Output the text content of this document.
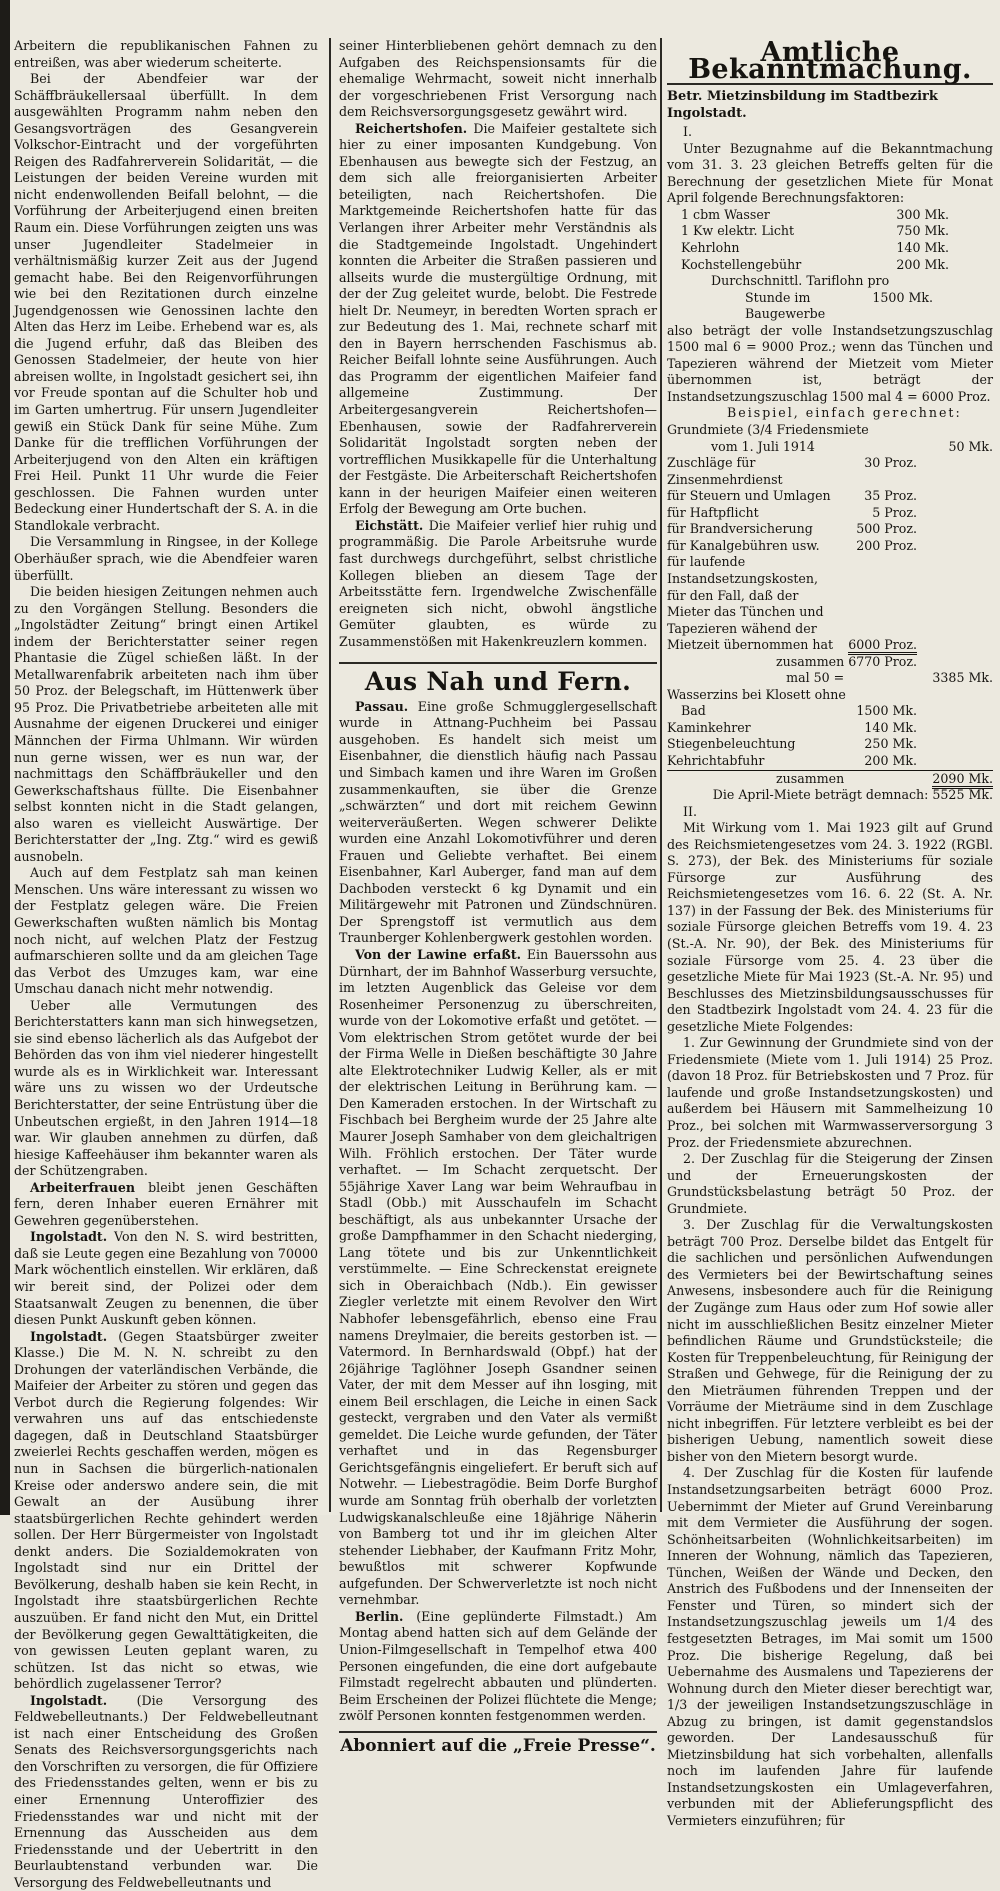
Arbeitern die republikanischen Fahnen zu entreißen, was aber wiederum scheiterte.

Bei der Abendfeier war der Schäffbräukellersaal überfüllt. In dem ausgewählten Programm nahm neben den Gesangsvorträgen des Gesangverein Volkschor-Eintracht und der vorgeführten Reigen des Radfahrerverein Solidarität, — die Leistungen der beiden Vereine wurden mit nicht endenwollenden Beifall belohnt, — die Vorführung der Arbeiterjugend einen breiten Raum ein. Diese Vorführungen zeigten uns was unser Jugendleiter Stadelmeier in verhältnismäßig kurzer Zeit aus der Jugend gemacht habe. Bei den Reigenvorführungen wie bei den Rezitationen durch einzelne Jugendgenossen wie Genossinen lachte den Alten das Herz im Leibe. Erhebend war es, als die Jugend erfuhr, daß das Bleiben des Genossen Stadelmeier, der heute von hier abreisen wollte, in Ingolstadt gesichert sei, ihn vor Freude spontan auf die Schulter hob und im Garten umhertrug. Für unsern Jugendleiter gewiß ein Stück Dank für seine Mühe. Zum Danke für die trefflichen Vorführungen der Arbeiterjugend von den Alten ein kräftigen Frei Heil. Punkt 11 Uhr wurde die Feier geschlossen. Die Fahnen wurden unter Bedeckung einer Hundertschaft der S. A. in die Standlokale verbracht.

Die Versammlung in Ringsee, in der Kollege Oberhäußer sprach, wie die Abendfeier waren überfüllt.

Die beiden hiesigen Zeitungen nehmen auch zu den Vorgängen Stellung. Besonders die „Ingolstädter Zeitung“ bringt einen Artikel indem der Berichterstatter seiner regen Phantasie die Zügel schießen läßt. In der Metallwarenfabrik arbeiteten nach ihm über 50 Proz. der Belegschaft, im Hüttenwerk über 95 Proz. Die Privatbetriebe arbeiteten alle mit Ausnahme der eigenen Druckerei und einiger Männchen der Firma Uhlmann. Wir würden nun gerne wissen, wer es nun war, der nachmittags den Schäffbräukeller und den Gewerkschaftshaus füllte. Die Eisenbahner selbst konnten nicht in die Stadt gelangen, also waren es vielleicht Auswärtige. Der Berichterstatter der „Ing. Ztg.“ wird es gewiß ausnobeln.

Auch auf dem Festplatz sah man keinen Menschen. Uns wäre interessant zu wissen wo der Festplatz gelegen wäre. Die Freien Gewerkschaften wußten nämlich bis Montag noch nicht, auf welchen Platz der Festzug aufmarschieren sollte und da am gleichen Tage das Verbot des Umzuges kam, war eine Umschau danach nicht mehr notwendig.

Ueber alle Vermutungen des Berichterstatters kann man sich hinwegsetzen, sie sind ebenso lächerlich als das Aufgebot der Behörden das von ihm viel niederer hingestellt wurde als es in Wirklichkeit war. Interessant wäre uns zu wissen wo der Urdeutsche Berichterstatter, der seine Entrüstung über die Unbeutschen ergießt, in den Jahren 1914—18 war. Wir glauben annehmen zu dürfen, daß hiesige Kaffeehäuser ihm bekannter waren als der Schützengraben.

Arbeiterfrauen bleibt jenen Geschäften fern, deren Inhaber eueren Ernährer mit Gewehren gegenüberstehen.

Ingolstadt. Von den N. S. wird bestritten, daß sie Leute gegen eine Bezahlung von 70000 Mark wöchentlich einstellen. Wir erklären, daß wir bereit sind, der Polizei oder dem Staatsanwalt Zeugen zu benennen, die über diesen Punkt Auskunft geben können.

Ingolstadt. (Gegen Staatsbürger zweiter Klasse.) Die M. N. N. schreibt zu den Drohungen der vaterländischen Verbände, die Maifeier der Arbeiter zu stören und gegen das Verbot durch die Regierung folgendes: Wir verwahren uns auf das entschiedenste dagegen, daß in Deutschland Staatsbürger zweierlei Rechts geschaffen werden, mögen es nun in Sachsen die bürgerlich-nationalen Kreise oder anderswo andere sein, die mit Gewalt an der Ausübung ihrer staatsbürgerlichen Rechte gehindert werden sollen. Der Herr Bürgermeister von Ingolstadt denkt anders. Die Sozialdemokraten von Ingolstadt sind nur ein Drittel der Bevölkerung, deshalb haben sie kein Recht, in Ingolstadt ihre staatsbürgerlichen Rechte auszuüben. Er fand nicht den Mut, ein Drittel der Bevölkerung gegen Gewalttätigkeiten, die von gewissen Leuten geplant waren, zu schützen. Ist das nicht so etwas, wie behördlich zugelassener Terror?

Ingolstadt. (Die Versorgung des Feldwebelleutnants.) Der Feldwebelleutnant ist nach einer Entscheidung des Großen Senats des Reichsversorgungsgerichts nach den Vorschriften zu versorgen, die für Offiziere des Friedensstandes gelten, wenn er bis zu einer Ernennung Unteroffizier des Friedensstandes war und nicht mit der Ernennung das Ausscheiden aus dem Friedensstande und der Uebertritt in den Beurlaubtenstand verbunden war. Die Versorgung des Feldwebelleutnants und

seiner Hinterbliebenen gehört demnach zu den Aufgaben des Reichspensionsamts für die ehemalige Wehrmacht, soweit nicht innerhalb der vorgeschriebenen Frist Versorgung nach dem Reichsversorgungsgesetz gewährt wird.

Reichertshofen. Die Maifeier gestaltete sich hier zu einer imposanten Kundgebung. Von Ebenhausen aus bewegte sich der Festzug, an dem sich alle freiorganisierten Arbeiter beteiligten, nach Reichertshofen. Die Marktgemeinde Reichertshofen hatte für das Verlangen ihrer Arbeiter mehr Verständnis als die Stadtgemeinde Ingolstadt. Ungehindert konnten die Arbeiter die Straßen passieren und allseits wurde die mustergültige Ordnung, mit der der Zug geleitet wurde, belobt. Die Festrede hielt Dr. Neumeyr, in beredten Worten sprach er zur Bedeutung des 1. Mai, rechnete scharf mit den in Bayern herrschenden Faschismus ab. Reicher Beifall lohnte seine Ausführungen. Auch das Programm der eigentlichen Maifeier fand allgemeine Zustimmung. Der Arbeitergesangverein Reichertshofen—Ebenhausen, sowie der Radfahrerverein Solidarität Ingolstadt sorgten neben der vortrefflichen Musikkapelle für die Unterhaltung der Festgäste. Die Arbeiterschaft Reichertshofen kann in der heurigen Maifeier einen weiteren Erfolg der Bewegung am Orte buchen.

Eichstätt. Die Maifeier verlief hier ruhig und programmäßig. Die Parole Arbeitsruhe wurde fast durchwegs durchgeführt, selbst christliche Kollegen blieben an diesem Tage der Arbeitsstätte fern. Irgendwelche Zwischenfälle ereigneten sich nicht, obwohl ängstliche Gemüter glaubten, es würde zu Zusammenstößen mit Hakenkreuzlern kommen.

Aus Nah und Fern.

Passau. Eine große Schmugglergesellschaft wurde in Attnang-Puchheim bei Passau ausgehoben. Es handelt sich meist um Eisenbahner, die dienstlich häufig nach Passau und Simbach kamen und ihre Waren im Großen zusammenkauften, sie über die Grenze „schwärzten“ und dort mit reichem Gewinn weiterveräußerten. Wegen schwerer Delikte wurden eine Anzahl Lokomotivführer und deren Frauen und Geliebte verhaftet. Bei einem Eisenbahner, Karl Auberger, fand man auf dem Dachboden versteckt 6 kg Dynamit und ein Militärgewehr mit Patronen und Zündschnüren. Der Sprengstoff ist vermutlich aus dem Traunberger Kohlenbergwerk gestohlen worden.

Von der Lawine erfaßt. Ein Bauerssohn aus Dürnhart, der im Bahnhof Wasserburg versuchte, im letzten Augenblick das Geleise vor dem Rosenheimer Personenzug zu überschreiten, wurde von der Lokomotive erfaßt und getötet. — Vom elektrischen Strom getötet wurde der bei der Firma Welle in Dießen beschäftigte 30 Jahre alte Elektrotechniker Ludwig Keller, als er mit der elektrischen Leitung in Berührung kam. — Den Kameraden erstochen. In der Wirtschaft zu Fischbach bei Bergheim wurde der 25 Jahre alte Maurer Joseph Samhaber von dem gleichaltrigen Wilh. Fröhlich erstochen. Der Täter wurde verhaftet. — Im Schacht zerquetscht. Der 55jährige Xaver Lang war beim Wehraufbau in Stadl (Obb.) mit Ausschaufeln im Schacht beschäftigt, als aus unbekannter Ursache der große Dampfhammer in den Schacht niederging, Lang tötete und bis zur Unkenntlichkeit verstümmelte. — Eine Schreckenstat ereignete sich in Oberaichbach (Ndb.). Ein gewisser Ziegler verletzte mit einem Revolver den Wirt Nabhofer lebensgefährlich, ebenso eine Frau namens Dreylmaier, die bereits gestorben ist. — Vatermord. In Bernhardswald (Obpf.) hat der 26jährige Taglöhner Joseph Gsandner seinen Vater, der mit dem Messer auf ihn losging, mit einem Beil erschlagen, die Leiche in einen Sack gesteckt, vergraben und den Vater als vermißt gemeldet. Die Leiche wurde gefunden, der Täter verhaftet und in das Regensburger Gerichtsgefängnis eingeliefert. Er beruft sich auf Notwehr. — Liebestragödie. Beim Dorfe Burghof wurde am Sonntag früh oberhalb der vorletzten Ludwigskanalschleuße eine 18jährige Näherin von Bamberg tot und ihr im gleichen Alter stehender Liebhaber, der Kaufmann Fritz Mohr, bewußtlos mit schwerer Kopfwunde aufgefunden. Der Schwerverletzte ist noch nicht vernehmbar.

Berlin. (Eine geplünderte Filmstadt.) Am Montag abend hatten sich auf dem Gelände der Union-Filmgesellschaft in Tempelhof etwa 400 Personen eingefunden, die eine dort aufgebaute Filmstadt regelrecht abbauten und plünderten. Beim Erscheinen der Polizei flüchtete die Menge; zwölf Personen konnten festgenommen werden.

Abonniert auf die „Freie Presse“.
Amtliche Bekanntmachung.
Betr. Mietzinsbildung im Stadtbezirk Ingolstadt.

I.

Unter Bezugnahme auf die Bekanntmachung vom 31. 3. 23 gleichen Betreffs gelten für die Berechnung der gesetzlichen Miete für Monat April folgende Berechnungsfaktoren:

1 cbm Wasser	300 Mk.
1 Kw elektr. Licht	750 Mk.
Kehrlohn	140 Mk.
Kochstellengebühr	200 Mk.
Durchschnittl. Tariflohn pro	
Stunde im Baugewerbe	1500 Mk.

also beträgt der volle Instandsetzungszuschlag 1500 mal 6 = 9000 Proz.; wenn das Tünchen und Tapezieren während der Mietzeit vom Mieter übernommen ist, beträgt der Instandsetzungszuschlag 1500 mal 4 = 6000 Proz.

Beispiel, einfach gerechnet:

Grundmiete (3/4 Friedensmiete	
vom 1. Juli 1914	50 Mk.
Zuschläge für Zinsenmehrdienst	30 Proz.
für Steuern und Umlagen	35 Proz.
für Haftpflicht	5 Proz.
für Brandversicherung	500 Proz.
für Kanalgebühren usw.	200 Proz.
für laufende Instandsetzungskosten, für den Fall, daß der Mieter das Tünchen und Tapezieren wähend der Mietzeit übernommen hat	6000 Proz.
zusammen	6770 Proz.
mal 50 =	3385 Mk.
Wasserzins bei Klosett ohne	
Bad	1500 Mk.
Kaminkehrer	140 Mk.
Stiegenbeleuchtung	250 Mk.
Kehrichtabfuhr	200 Mk.
zusammen	2090 Mk.

Die April-Miete beträgt demnach: 5525 Mk.

II.

Mit Wirkung vom 1. Mai 1923 gilt auf Grund des Reichsmietengesetzes vom 24. 3. 1922 (RGBl. S. 273), der Bek. des Ministeriums für soziale Fürsorge zur Ausführung des Reichsmietengesetzes vom 16. 6. 22 (St. A. Nr. 137) in der Fassung der Bek. des Ministeriums für soziale Fürsorge gleichen Betreffs vom 19. 4. 23 (St.-A. Nr. 90), der Bek. des Ministeriums für soziale Fürsorge vom 25. 4. 23 über die gesetzliche Miete für Mai 1923 (St.-A. Nr. 95) und Beschlusses des Mietzinsbildungsausschusses für den Stadtbezirk Ingolstadt vom 24. 4. 23 für die gesetzliche Miete Folgendes:

1. Zur Gewinnung der Grundmiete sind von der Friedensmiete (Miete vom 1. Juli 1914) 25 Proz. (davon 18 Proz. für Betriebskosten und 7 Proz. für laufende und große Instandsetzungskosten) und außerdem bei Häusern mit Sammelheizung 10 Proz., bei solchen mit Warmwasserversorgung 3 Proz. der Friedensmiete abzurechnen.

2. Der Zuschlag für die Steigerung der Zinsen und der Erneuerungskosten der Grundstücksbelastung beträgt 50 Proz. der Grundmiete.

3. Der Zuschlag für die Verwaltungskosten beträgt 700 Proz. Derselbe bildet das Entgelt für die sachlichen und persönlichen Aufwendungen des Vermieters bei der Bewirtschaftung seines Anwesens, insbesondere auch für die Reinigung der Zugänge zum Haus oder zum Hof sowie aller nicht im ausschließlichen Besitz einzelner Mieter befindlichen Räume und Grundstücksteile; die Kosten für Treppenbeleuchtung, für Reinigung der Straßen und Gehwege, für die Reinigung der zu den Mieträumen führenden Treppen und der Vorräume der Mieträume sind in dem Zuschlage nicht inbegriffen. Für letztere verbleibt es bei der bisherigen Uebung, namentlich soweit diese bisher von den Mietern besorgt wurde.

4. Der Zuschlag für die Kosten für laufende Instandsetzungsarbeiten beträgt 6000 Proz. Uebernimmt der Mieter auf Grund Vereinbarung mit dem Vermieter die Ausführung der sogen. Schönheitsarbeiten (Wohnlichkeitsarbeiten) im Inneren der Wohnung, nämlich das Tapezieren, Tünchen, Weißen der Wände und Decken, den Anstrich des Fußbodens und der Innenseiten der Fenster und Türen, so mindert sich der Instandsetzungszuschlag jeweils um 1/4 des festgesetzten Betrages, im Mai somit um 1500 Proz. Die bisherige Regelung, daß bei Uebernahme des Ausmalens und Tapezierens der Wohnung durch den Mieter dieser berechtigt war, 1/3 der jeweiligen Instandsetzungszuschläge in Abzug zu bringen, ist damit gegenstandslos geworden. Der Landesausschuß für Mietzinsbildung hat sich vorbehalten, allenfalls noch im laufenden Jahre für laufende Instandsetzungskosten ein Umlageverfahren, verbunden mit der Ablieferungspflicht des Vermieters einzuführen; für
